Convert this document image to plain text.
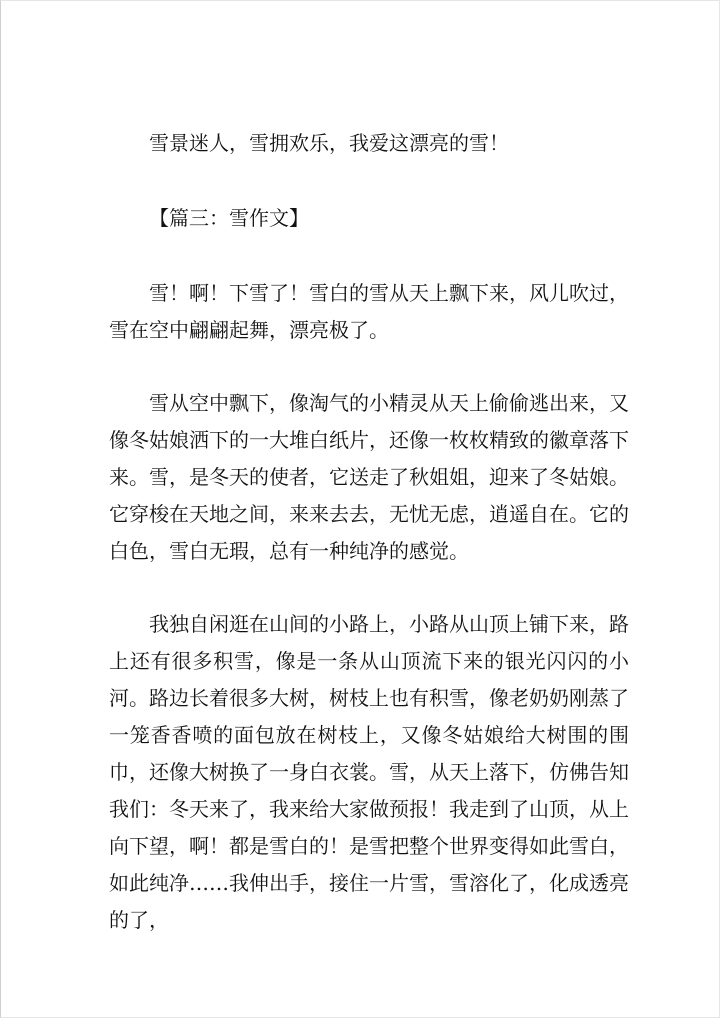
雪景迷人，雪拥欢乐，我爱这漂亮的雪！

【篇三：雪作文】

雪！啊！下雪了！雪白的雪从天上飘下来，风儿吹过，雪在空中翩翩起舞，漂亮极了。

雪从空中飘下，像淘气的小精灵从天上偷偷逃出来，又像冬姑娘洒下的一大堆白纸片，还像一枚枚精致的徽章落下来。雪，是冬天的使者，它送走了秋姐姐，迎来了冬姑娘。它穿梭在天地之间，来来去去，无忧无虑，逍遥自在。它的白色，雪白无瑕，总有一种纯净的感觉。

我独自闲逛在山间的小路上，小路从山顶上铺下来，路上还有很多积雪，像是一条从山顶流下来的银光闪闪的小河。路边长着很多大树，树枝上也有积雪，像老奶奶刚蒸了一笼香香喷的面包放在树枝上，又像冬姑娘给大树围的围巾，还像大树换了一身白衣裳。雪，从天上落下，仿佛告知我们：冬天来了，我来给大家做预报！我走到了山顶，从上向下望，啊！都是雪白的！是雪把整个世界变得如此雪白，如此纯净……我伸出手，接住一片雪，雪溶化了，化成透亮的了，
